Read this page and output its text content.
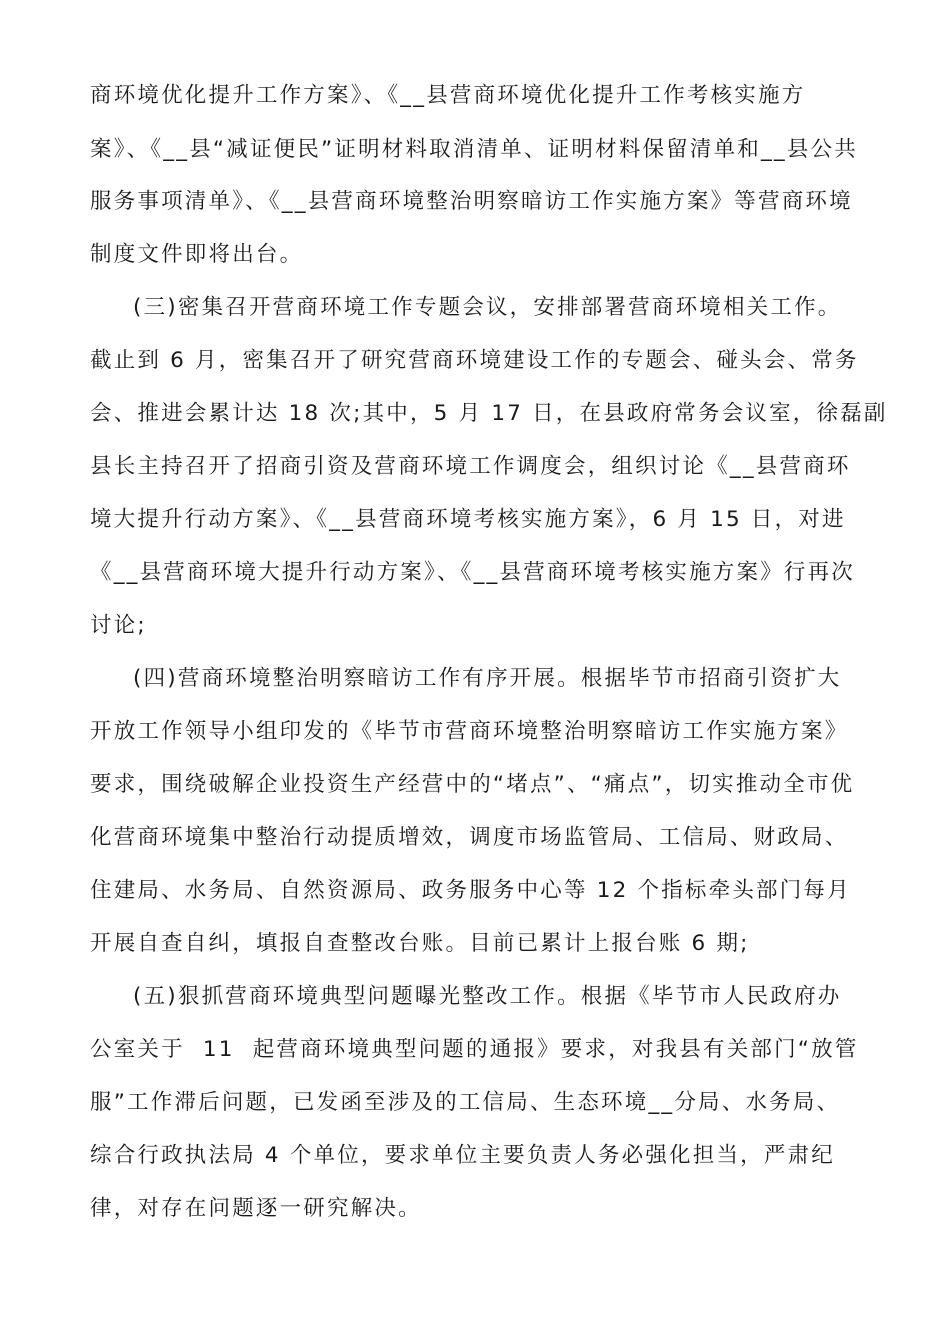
商环境优化提升工作方案》、《__县营商环境优化提升工作考核实施方
案》、《__县“减证便民”证明材料取消清单、证明材料保留清单和__县公共
服务事项清单》、《__县营商环境整治明察暗访工作实施方案》等营商环境
制度文件即将出台。
(三)密集召开营商环境工作专题会议，安排部署营商环境相关工作。
截止到 6 月，密集召开了研究营商环境建设工作的专题会、碰头会、常务
会、推进会累计达 18 次;其中，5 月 17 日，在县政府常务会议室，徐磊副
县长主持召开了招商引资及营商环境工作调度会，组织讨论《__县营商环
境大提升行动方案》、《__县营商环境考核实施方案》，6 月 15 日，对进
《__县营商环境大提升行动方案》、《__县营商环境考核实施方案》行再次
讨论;
(四)营商环境整治明察暗访工作有序开展。根据毕节市招商引资扩大
开放工作领导小组印发的《毕节市营商环境整治明察暗访工作实施方案》
要求，围绕破解企业投资生产经营中的“堵点”、“痛点”，切实推动全市优
化营商环境集中整治行动提质增效，调度市场监管局、工信局、财政局、
住建局、水务局、自然资源局、政务服务中心等 12 个指标牵头部门每月
开展自查自纠，填报自查整改台账。目前已累计上报台账 6 期;
(五)狠抓营商环境典型问题曝光整改工作。根据《毕节市人民政府办
公室关于  11  起营商环境典型问题的通报》要求，对我县有关部门“放管
服”工作滞后问题，已发函至涉及的工信局、生态环境__分局、水务局、
综合行政执法局 4 个单位，要求单位主要负责人务必强化担当，严肃纪
律，对存在问题逐一研究解决。
